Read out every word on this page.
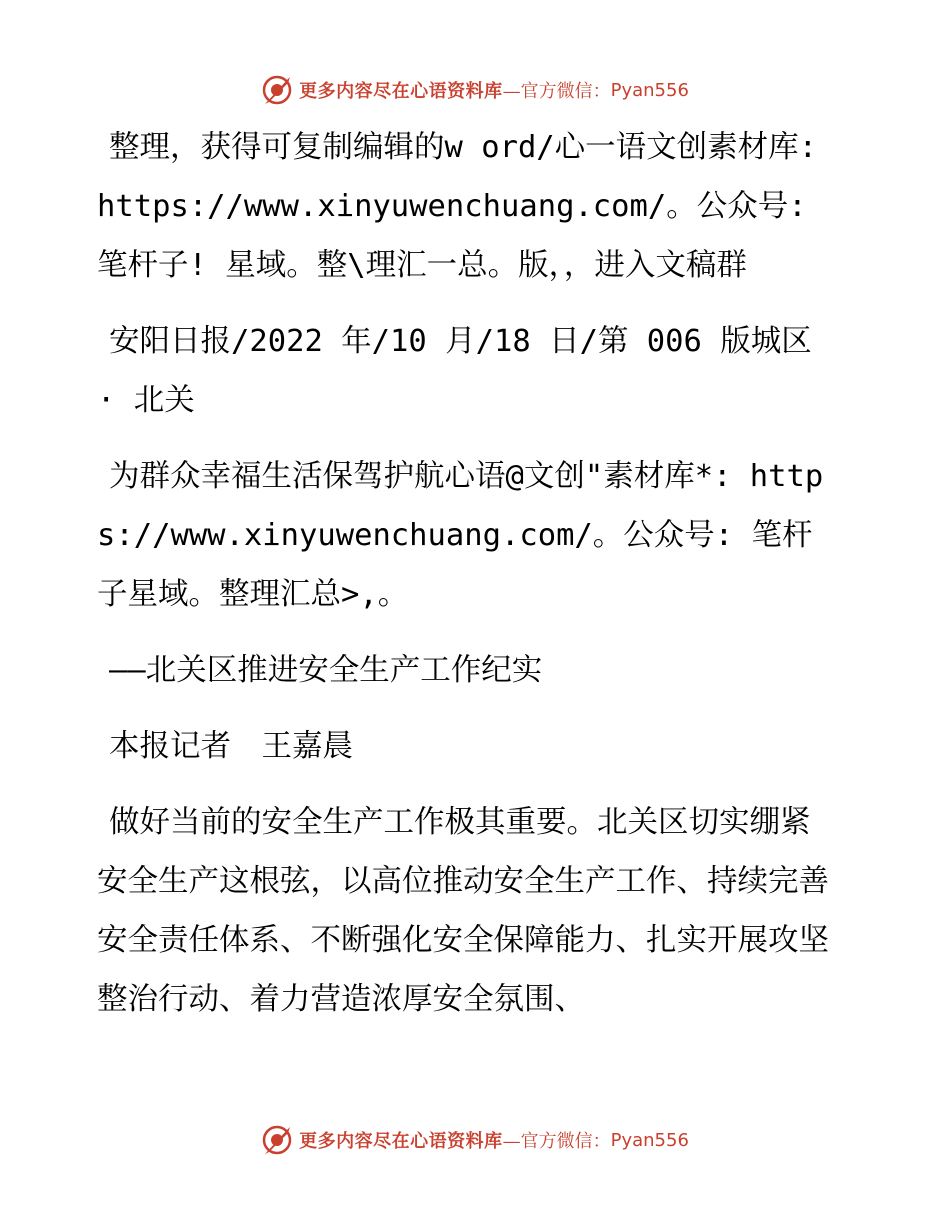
更多内容尽在心语资料库 —官方微信： Pyan556

整理，获得可复制编辑的w ord/心一语文创素材库: https://www.xinyuwenchuang.com/。公众号: 笔杆子! 星域。整\理汇一总。版，，进入文稿群

安阳日报/2022 年/10 月/18 日/第 006 版城区 · 北关

为群众幸福生活保驾护航心语@文创"素材库*: https://www.xinyuwenchuang.com/。公众号: 笔杆子星域。整理汇总>,。

——北关区推进安全生产工作纪实

本报记者　王嘉晨

做好当前的安全生产工作极其重要。北关区切实绷紧安全生产这根弦，以高位推动安全生产工作、持续完善安全责任体系、不断强化安全保障能力、扎实开展攻坚整治行动、着力营造浓厚安全氛围、

更多内容尽在心语资料库 —官方微信： Pyan556
